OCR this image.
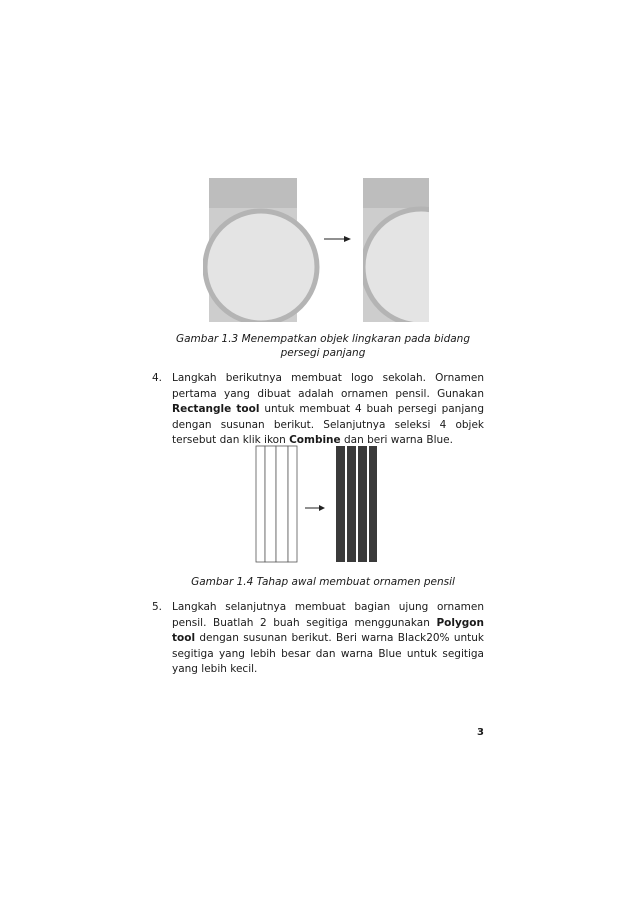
Gambar 1.3 Menempatkan objek lingkaran pada bidang
persegi panjang
4. Langkah berikutnya membuat logo sekolah. Ornamen pertama yang dibuat adalah ornamen pensil. Gunakan Rectangle tool untuk membuat 4 buah persegi panjang dengan susunan berikut. Selanjutnya seleksi 4 objek tersebut dan klik ikon Combine dan beri warna Blue.
Gambar 1.4 Tahap awal membuat ornamen pensil
5. Langkah selanjutnya membuat bagian ujung ornamen pensil. Buatlah 2 buah segitiga menggunakan Polygon tool dengan susunan berikut. Beri warna Black20% untuk segitiga yang lebih besar dan warna Blue untuk segitiga yang lebih kecil.
3
